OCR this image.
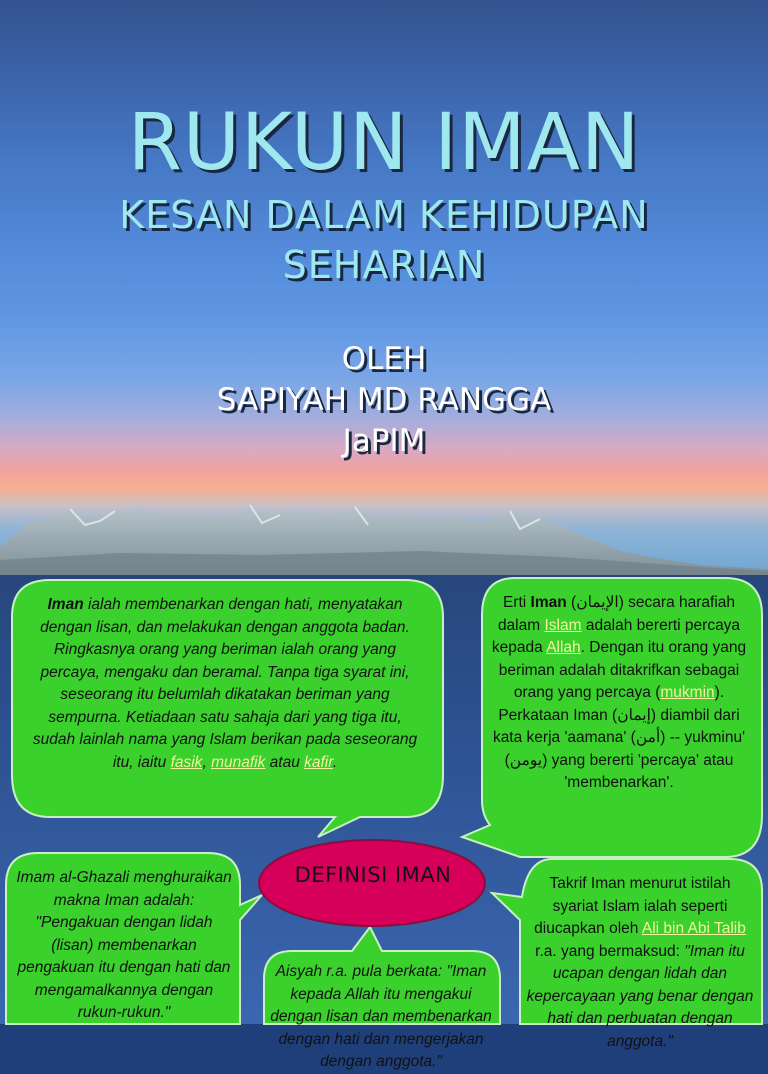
RUKUN IMAN
KESAN DALAM KEHIDUPAN
SEHARIAN
OLEH
SAPIYAH MD RANGGA
JaPIM
DEFINISI IMAN
Iman ialah membenarkan dengan hati, menyatakan dengan lisan, dan melakukan dengan anggota badan. Ringkasnya orang yang beriman ialah orang yang percaya, mengaku dan beramal. Tanpa tiga syarat ini, seseorang itu belumlah dikatakan beriman yang sempurna. Ketiadaan satu sahaja dari yang tiga itu, sudah lainlah nama yang Islam berikan pada seseorang itu, iaitu fasik, munafik atau kafir.
Erti Iman (الإيمان) secara harafiah dalam Islam adalah bererti percaya kepada Allah. Dengan itu orang yang beriman adalah ditakrifkan sebagai orang yang percaya (mukmin). Perkataan Iman (إيمان) diambil dari kata kerja 'aamana' (أمن) -- yukminu' (يومن) yang bererti 'percaya' atau 'membenarkan'.
Imam al-Ghazali menghuraikan makna Iman adalah: "Pengakuan dengan lidah (lisan) membenarkan pengakuan itu dengan hati dan mengamalkannya dengan rukun-rukun."
Aisyah r.a. pula berkata: "Iman kepada Allah itu mengakui dengan lisan dan membenarkan dengan hati dan mengerjakan dengan anggota."
Takrif Iman menurut istilah syariat Islam ialah seperti diucapkan oleh Ali bin Abi Talib r.a. yang bermaksud: "Iman itu ucapan dengan lidah dan kepercayaan yang benar dengan hati dan perbuatan dengan anggota."
